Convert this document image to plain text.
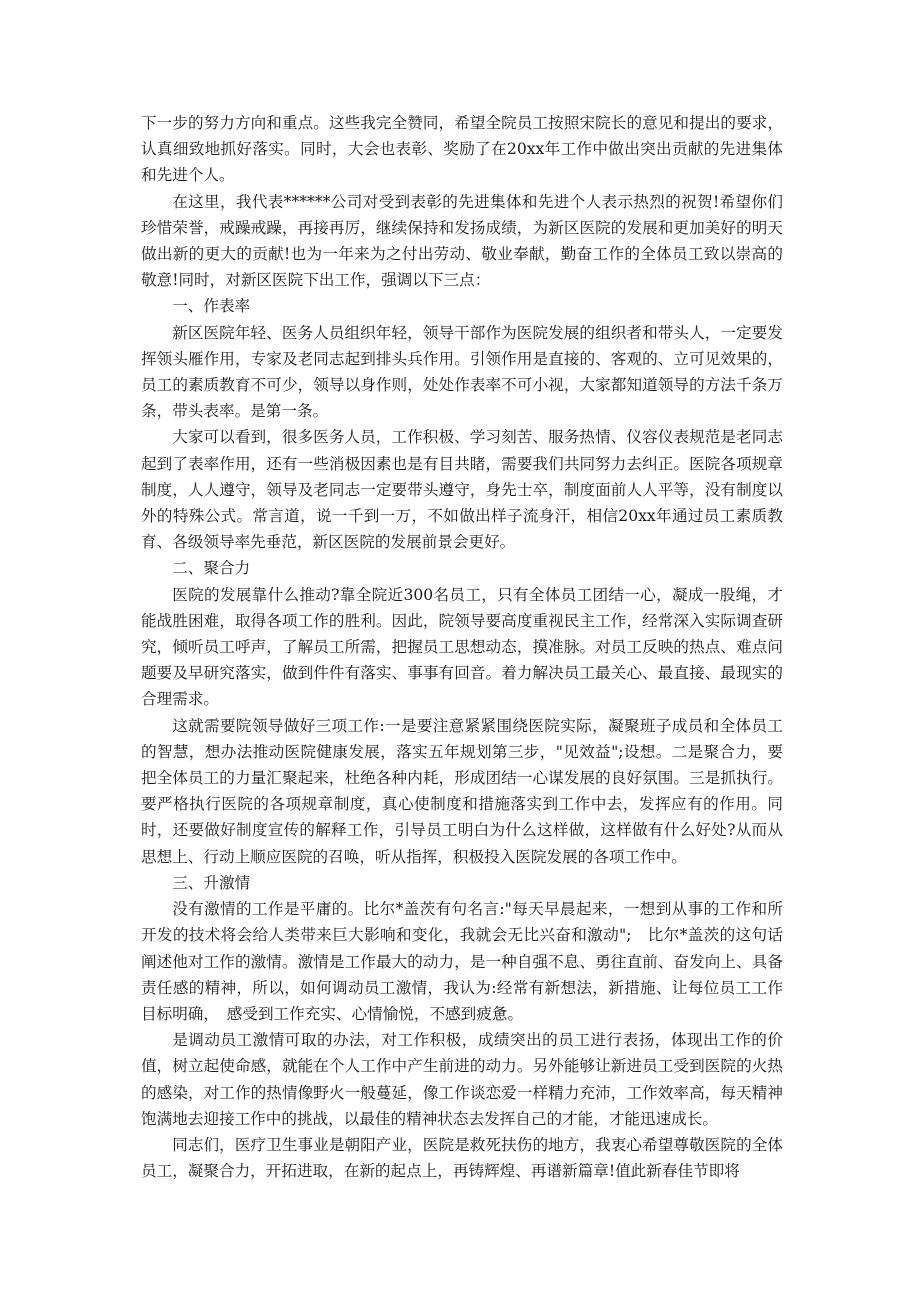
下一步的努力方向和重点。这些我完全赞同，希望全院员工按照宋院长的意见和提出的要求，认真细致地抓好落实。同时，大会也表彰、奖励了在20xx年工作中做出突出贡献的先进集体和先进个人。

在这里，我代表******公司对受到表彰的先进集体和先进个人表示热烈的祝贺!希望你们珍惜荣誉，戒躁戒躁，再接再厉，继续保持和发扬成绩，为新区医院的发展和更加美好的明天做出新的更大的贡献!也为一年来为之付出劳动、敬业奉献，勤奋工作的全体员工致以崇高的敬意!同时，对新区医院下出工作，强调以下三点：

一、作表率

新区医院年轻、医务人员组织年轻，领导干部作为医院发展的组织者和带头人，一定要发挥领头雁作用，专家及老同志起到排头兵作用。引领作用是直接的、客观的、立可见效果的，员工的素质教育不可少，领导以身作则，处处作表率不可小视，大家都知道领导的方法千条万条，带头表率。是第一条。

大家可以看到，很多医务人员，工作积极、学习刻苦、服务热情、仪容仪表规范是老同志起到了表率作用，还有一些消极因素也是有目共睹，需要我们共同努力去纠正。医院各项规章制度，人人遵守，领导及老同志一定要带头遵守，身先士卒，制度面前人人平等，没有制度以外的特殊公式。常言道，说一千到一万，不如做出样子流身汗，相信20xx年通过员工素质教育、各级领导率先垂范，新区医院的发展前景会更好。

二、聚合力

医院的发展靠什么推动?靠全院近300名员工，只有全体员工团结一心，凝成一股绳，才能战胜困难，取得各项工作的胜利。因此，院领导要高度重视民主工作，经常深入实际调查研究，倾听员工呼声，了解员工所需，把握员工思想动态，摸准脉。对员工反映的热点、难点问题要及早研究落实，做到件件有落实、事事有回音。着力解决员工最关心、最直接、最现实的合理需求。

这就需要院领导做好三项工作:一是要注意紧紧围绕医院实际，凝聚班子成员和全体员工的智慧，想办法推动医院健康发展，落实五年规划第三步，"见效益";设想。二是聚合力，要把全体员工的力量汇聚起来，杜绝各种内耗，形成团结一心谋发展的良好氛围。三是抓执行。要严格执行医院的各项规章制度，真心使制度和措施落实到工作中去，发挥应有的作用。同时，还要做好制度宣传的解释工作，引导员工明白为什么这样做，这样做有什么好处?从而从思想上、行动上顺应医院的召唤，听从指挥，积极投入医院发展的各项工作中。

三、升激情

没有激情的工作是平庸的。比尔*盖茨有句名言:"每天早晨起来，一想到从事的工作和所开发的技术将会给人类带来巨大影响和变化，我就会无比兴奋和激动";　比尔*盖茨的这句话阐述他对工作的激情。激情是工作最大的动力，是一种自强不息、勇往直前、奋发向上、具备责任感的精神，所以，如何调动员工激情，我认为:经常有新想法，新措施、让每位员工工作目标明确，　感受到工作充实、心情愉悦，不感到疲惫。

是调动员工激情可取的办法，对工作积极，成绩突出的员工进行表扬，体现出工作的价值，树立起使命感，就能在个人工作中产生前进的动力。另外能够让新进员工受到医院的火热的感染，对工作的热情像野火一般蔓延，像工作谈恋爱一样精力充沛，工作效率高，每天精神饱满地去迎接工作中的挑战，以最佳的精神状态去发挥自己的才能，才能迅速成长。

同志们，医疗卫生事业是朝阳产业，医院是救死扶伤的地方，我衷心希望尊敬医院的全体员工，凝聚合力，开拓进取，在新的起点上，再铸辉煌、再谱新篇章!值此新春佳节即将
